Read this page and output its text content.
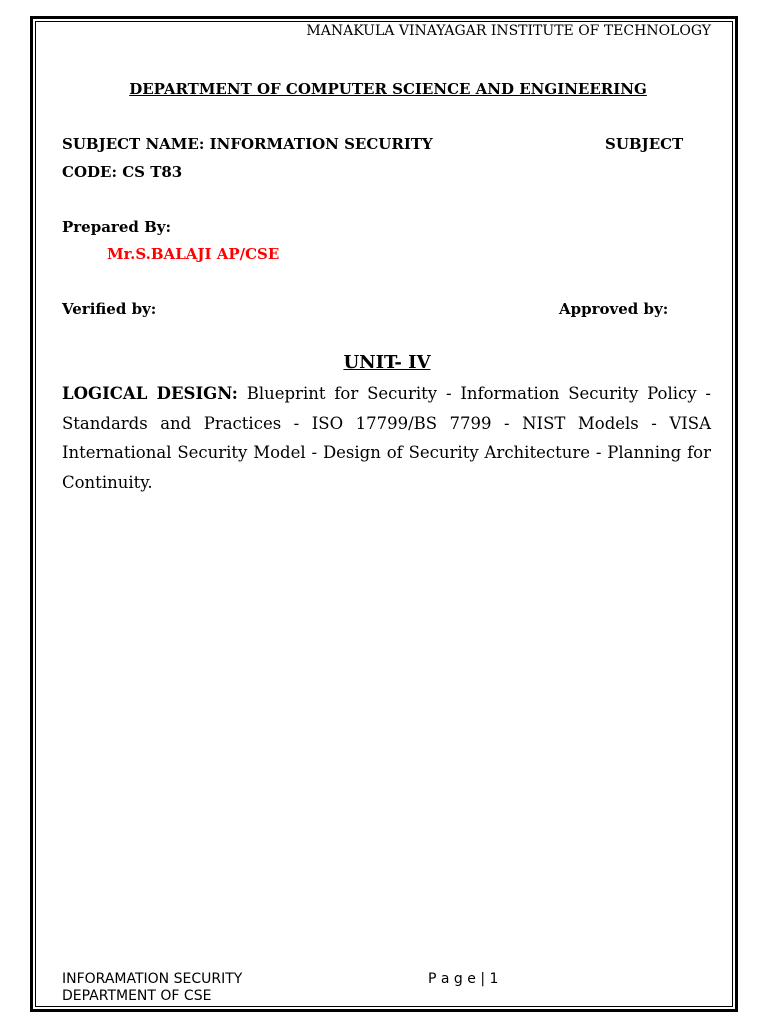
MANAKULA VINAYAGAR INSTITUTE OF TECHNOLOGY
DEPARTMENT OF COMPUTER SCIENCE AND ENGINEERING
SUBJECT NAME: INFORMATION SECURITY	SUBJECT
CODE: CS T83
Prepared By:
Mr.S.BALAJI AP/CSE
Verified by:	Approved by:
UNIT- IV
LOGICAL DESIGN: Blueprint for Security - Information Security Policy - Standards and Practices - ISO 17799/BS 7799 - NIST Models - VISA International Security Model - Design of Security Architecture - Planning for Continuity.
INFORAMATION SECURITY
DEPARTMENT OF CSE
P a g e | 1
